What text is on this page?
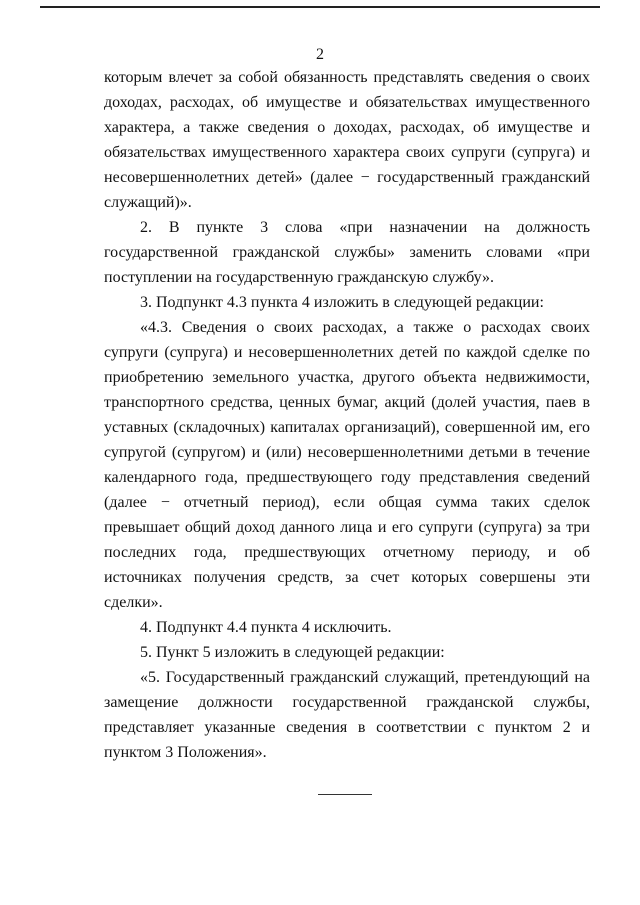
2

которым влечет за собой обязанность представлять сведения о своих доходах, расходах, об имуществе и обязательствах имущественного характера, а также сведения о доходах, расходах, об имуществе и обязательствах имущественного характера своих супруги (супруга) и несовершеннолетних детей» (далее − государственный гражданский служащий)».

2. В пункте 3 слова «при назначении на должность государственной гражданской службы» заменить словами «при поступлении на государственную гражданскую службу».

3. Подпункт 4.3 пункта 4 изложить в следующей редакции:

«4.3. Сведения о своих расходах, а также о расходах своих супруги (супруга) и несовершеннолетних детей по каждой сделке по приобретению земельного участка, другого объекта недвижимости, транспортного средства, ценных бумаг, акций (долей участия, паев в уставных (складочных) капиталах организаций), совершенной им, его супругой (супругом) и (или) несовершеннолетними детьми в течение календарного года, предшествующего году представления сведений (далее − отчетный период), если общая сумма таких сделок превышает общий доход данного лица и его супруги (супруга) за три последних года, предшествующих отчетному периоду, и об источниках получения средств, за счет которых совершены эти сделки».

4. Подпункт 4.4 пункта 4 исключить.

5. Пункт 5 изложить в следующей редакции:

«5. Государственный гражданский служащий, претендующий на замещение должности государственной гражданской службы, представляет указанные сведения в соответствии с пунктом 2 и пунктом 3 Положения».
